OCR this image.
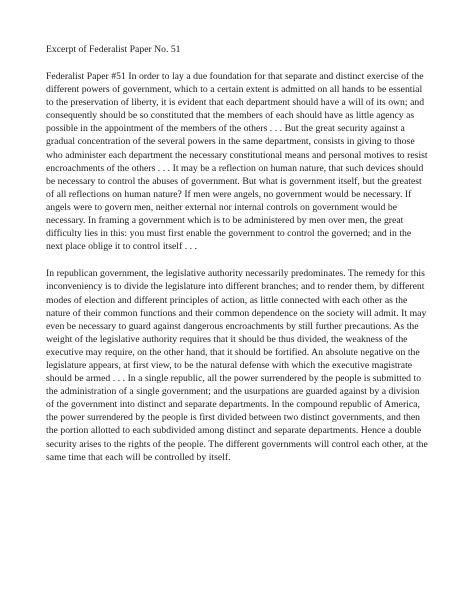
Excerpt of Federalist Paper No. 51

Federalist Paper #51 In order to lay a due foundation for that separate and distinct exercise of the different powers of government, which to a certain extent is admitted on all hands to be essential to the preservation of liberty, it is evident that each department should have a will of its own; and consequently should be so constituted that the members of each should have as little agency as possible in the appointment of the members of the others . . . But the great security against a gradual concentration of the several powers in the same department, consists in giving to those who administer each department the necessary constitutional means and personal motives to resist encroachments of the others . . . It may be a reflection on human nature, that such devices should be necessary to control the abuses of government. But what is government itself, but the greatest of all reflections on human nature? If men were angels, no government would be necessary. If angels were to govern men, neither external nor internal controls on government would be necessary. In framing a government which is to be administered by men over men, the great difficulty lies in this: you must first enable the government to control the governed; and in the next place oblige it to control itself . . .

In republican government, the legislative authority necessarily predominates. The remedy for this inconveniency is to divide the legislature into different branches; and to render them, by different modes of election and different principles of action, as little connected with each other as the nature of their common functions and their common dependence on the society will admit. It may even be necessary to guard against dangerous encroachments by still further precautions. As the weight of the legislative authority requires that it should be thus divided, the weakness of the executive may require, on the other hand, that it should be fortified. An absolute negative on the legislature appears, at first view, to be the natural defense with which the executive magistrate should be armed . . . In a single republic, all the power surrendered by the people is submitted to the administration of a single government; and the usurpations are guarded against by a division of the government into distinct and separate departments. In the compound republic of America, the power surrendered by the people is first divided between two distinct governments, and then the portion allotted to each subdivided among distinct and separate departments. Hence a double security arises to the rights of the people. The different governments will control each other, at the same time that each will be controlled by itself.
